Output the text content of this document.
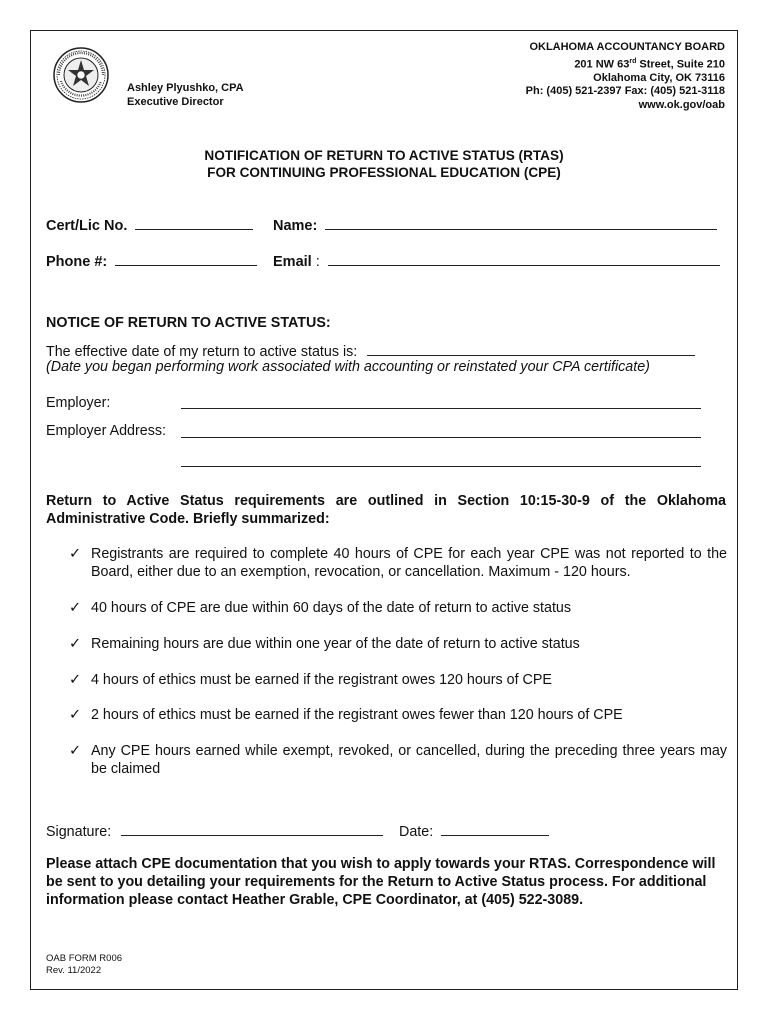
Ashley Plyushko, CPA
Executive Director
OKLAHOMA ACCOUNTANCY BOARD
201 NW 63rd Street, Suite 210
Oklahoma City, OK 73116
Ph: (405) 521-2397 Fax: (405) 521-3118
www.ok.gov/oab
NOTIFICATION OF RETURN TO ACTIVE STATUS (RTAS)
FOR CONTINUING PROFESSIONAL EDUCATION (CPE)
Cert/Lic No.	Name:
Phone #:	Email :
NOTICE OF RETURN TO ACTIVE STATUS:
The effective date of my return to active status is:
(Date you began performing work associated with accounting or reinstated your CPA certificate)
Employer:
Employer Address:
Return to Active Status requirements are outlined in Section 10:15-30-9 of the Oklahoma Administrative Code. Briefly summarized:
✓ Registrants are required to complete 40 hours of CPE for each year CPE was not reported to the Board, either due to an exemption, revocation, or cancellation. Maximum - 120 hours.
✓ 40 hours of CPE are due within 60 days of the date of return to active status
✓ Remaining hours are due within one year of the date of return to active status
✓ 4 hours of ethics must be earned if the registrant owes 120 hours of CPE
✓ 2 hours of ethics must be earned if the registrant owes fewer than 120 hours of CPE
✓ Any CPE hours earned while exempt, revoked, or cancelled, during the preceding three years may be claimed
Signature:	Date:
Please attach CPE documentation that you wish to apply towards your RTAS. Correspondence will be sent to you detailing your requirements for the Return to Active Status process. For additional information please contact Heather Grable, CPE Coordinator, at (405) 522-3089.
OAB FORM R006
Rev. 11/2022
